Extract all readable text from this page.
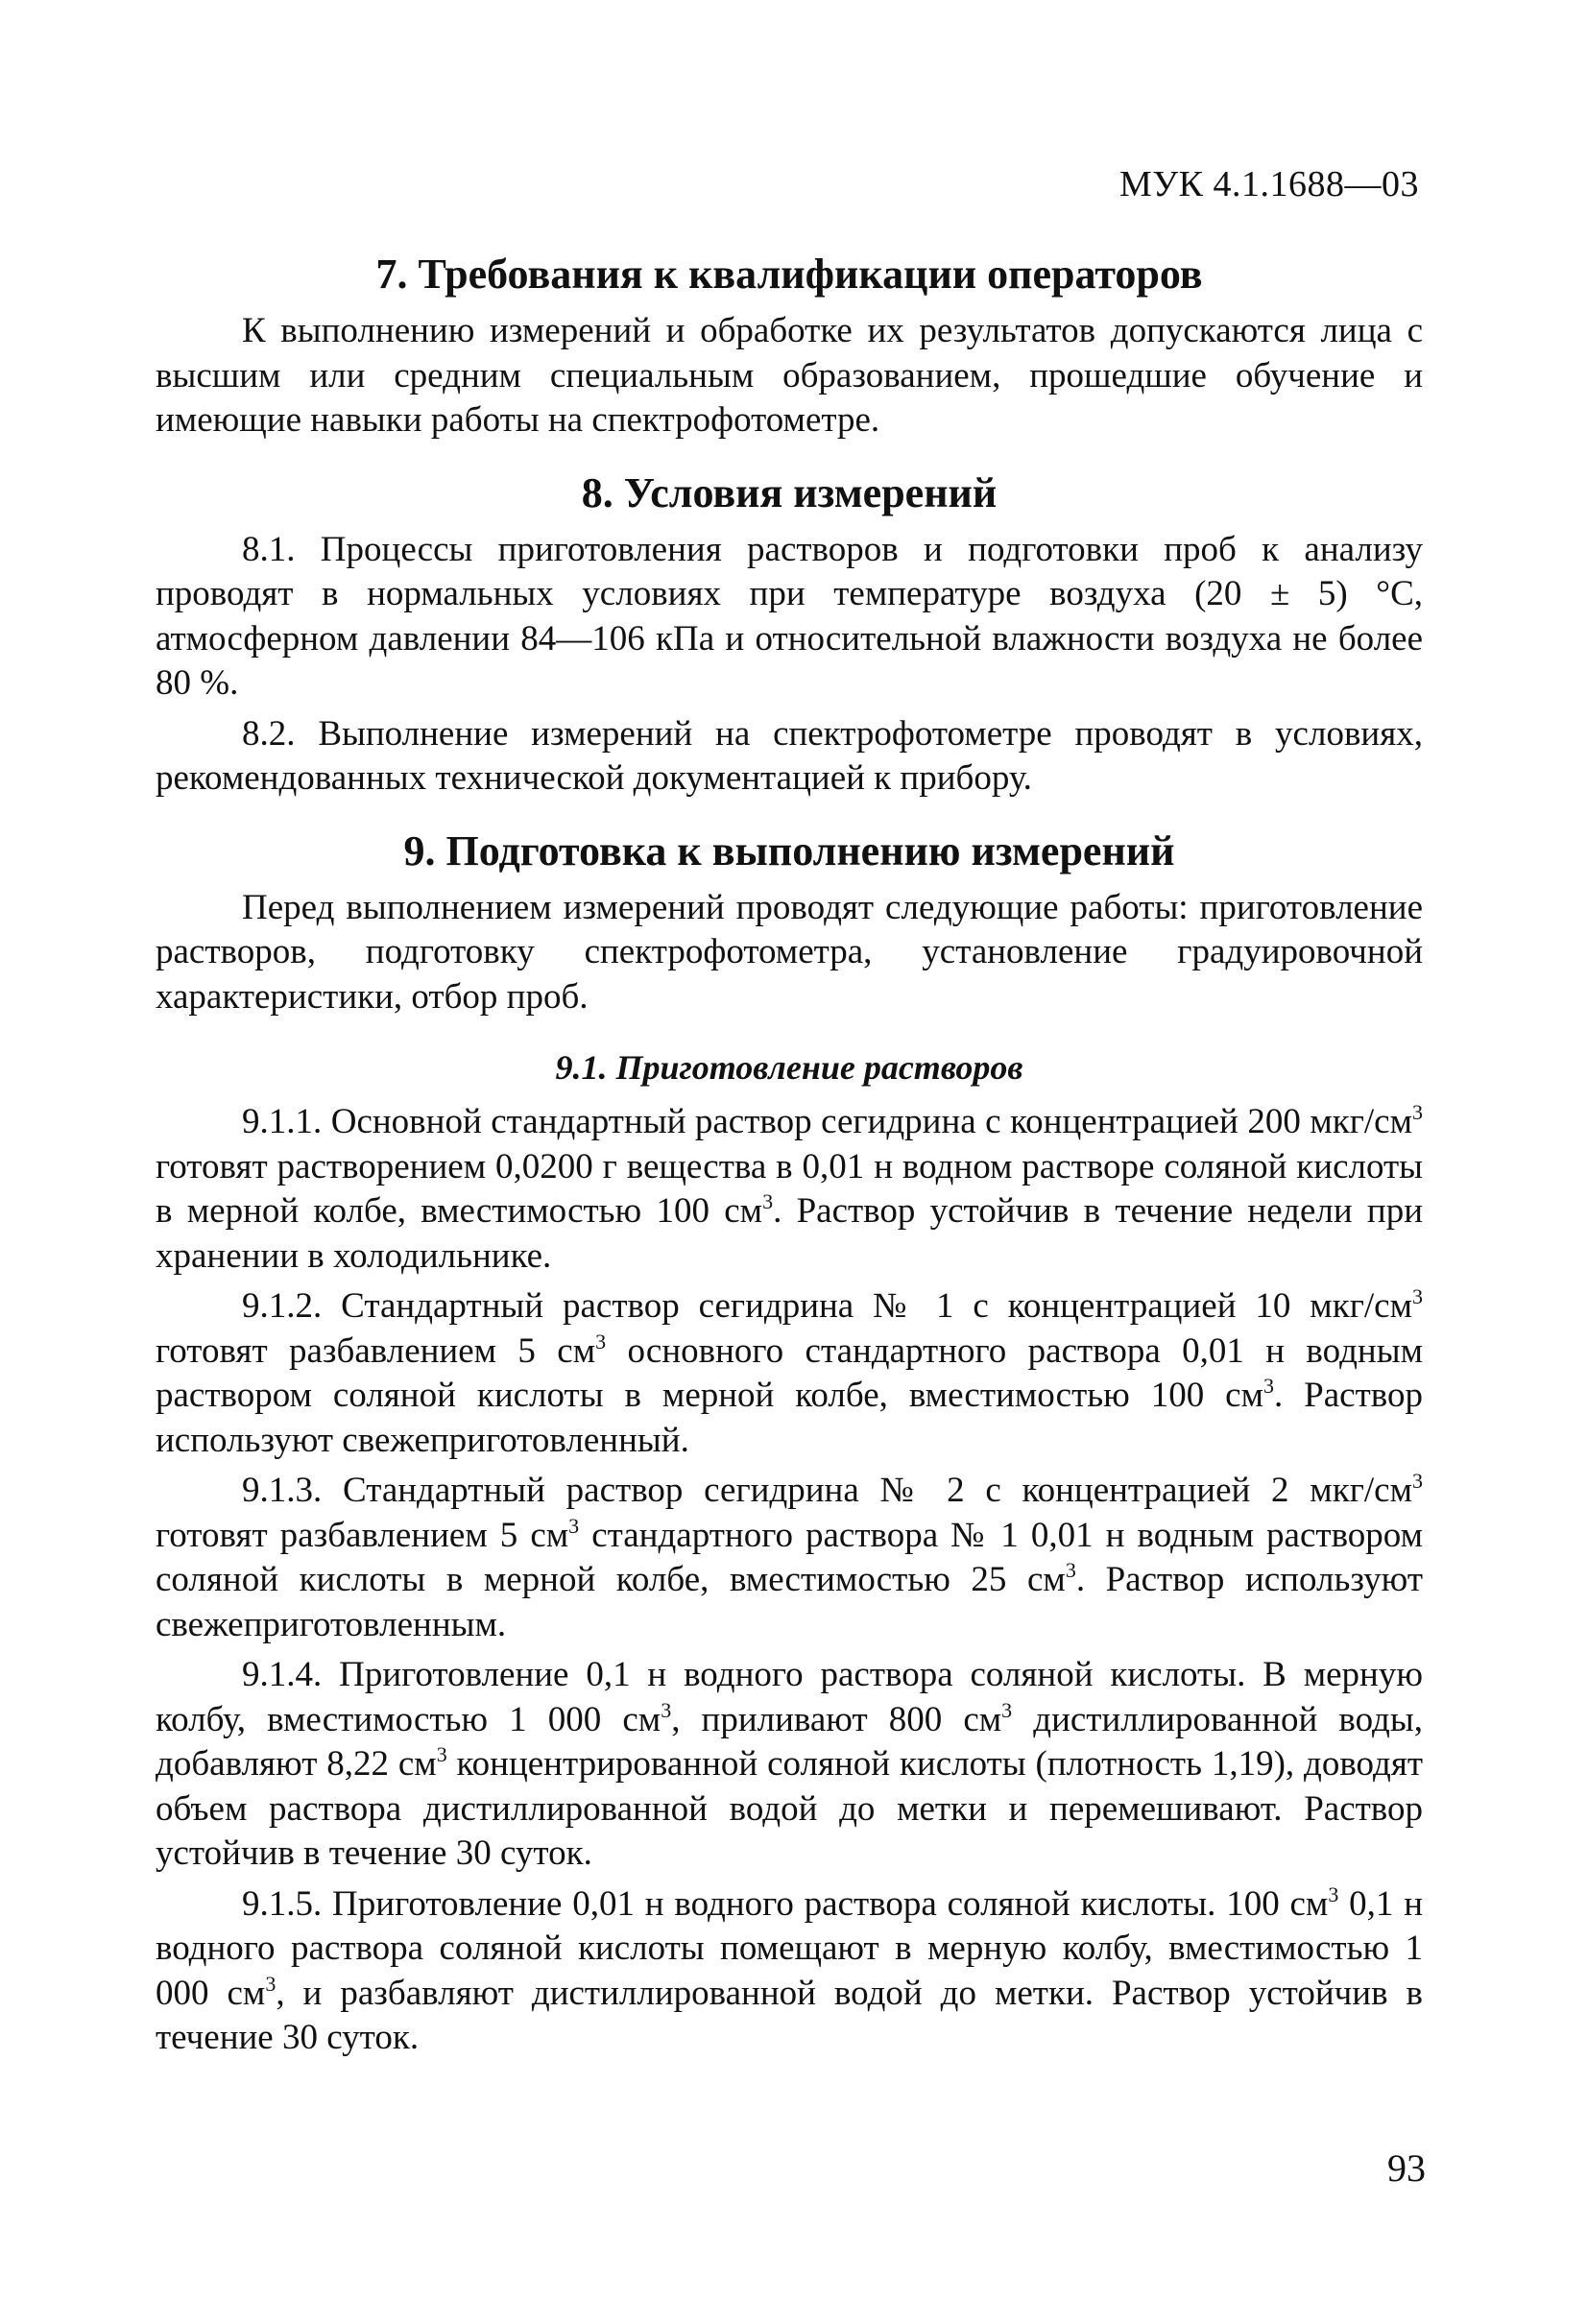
МУК 4.1.1688—03

7. Требования к квалификации операторов

К выполнению измерений и обработке их результатов допускаются лица с высшим или средним специальным образованием, прошедшие обучение и имеющие навыки работы на спектрофотометре.

8. Условия измерений

8.1. Процессы приготовления растворов и подготовки проб к анализу проводят в нормальных условиях при температуре воздуха (20 ± 5) °С, атмосферном давлении 84—106 кПа и относительной влажности воздуха не более 80 %.

8.2. Выполнение измерений на спектрофотометре проводят в условиях, рекомендованных технической документацией к прибору.

9. Подготовка к выполнению измерений

Перед выполнением измерений проводят следующие работы: приготовление растворов, подготовку спектрофотометра, установление градуировочной характеристики, отбор проб.

9.1. Приготовление растворов

9.1.1. Основной стандартный раствор сегидрина с концентрацией 200 мкг/$см^3$ готовят растворением 0,0200 г вещества в 0,01 н водном растворе соляной кислоты в мерной колбе, вместимостью 100 $см^3$. Раствор устойчив в течение недели при хранении в холодильнике.

9.1.2. Стандартный раствор сегидрина № 1 с концентрацией 10 мкг/$см^3$ готовят разбавлением 5 $см^3$ основного стандартного раствора 0,01 н водным раствором соляной кислоты в мерной колбе, вместимостью 100 $см^3$. Раствор используют свежеприготовленный.

9.1.3. Стандартный раствор сегидрина № 2 с концентрацией 2 мкг/$см^3$ готовят разбавлением 5 $см^3$ стандартного раствора № 1 0,01 н водным раствором соляной кислоты в мерной колбе, вместимостью 25 $см^3$. Раствор используют свежеприготовленным.

9.1.4. Приготовление 0,1 н водного раствора соляной кислоты. В мерную колбу, вместимостью 1 000 $см^3$, приливают 800 $см^3$ дистиллированной воды, добавляют 8,22 $см^3$ концентрированной соляной кислоты (плотность 1,19), доводят объем раствора дистиллированной водой до метки и перемешивают. Раствор устойчив в течение 30 суток.

9.1.5. Приготовление 0,01 н водного раствора соляной кислоты. 100 $см^3$ 0,1 н водного раствора соляной кислоты помещают в мерную колбу, вместимостью 1 000 $см^3$, и разбавляют дистиллированной водой до метки. Раствор устойчив в течение 30 суток.

93
